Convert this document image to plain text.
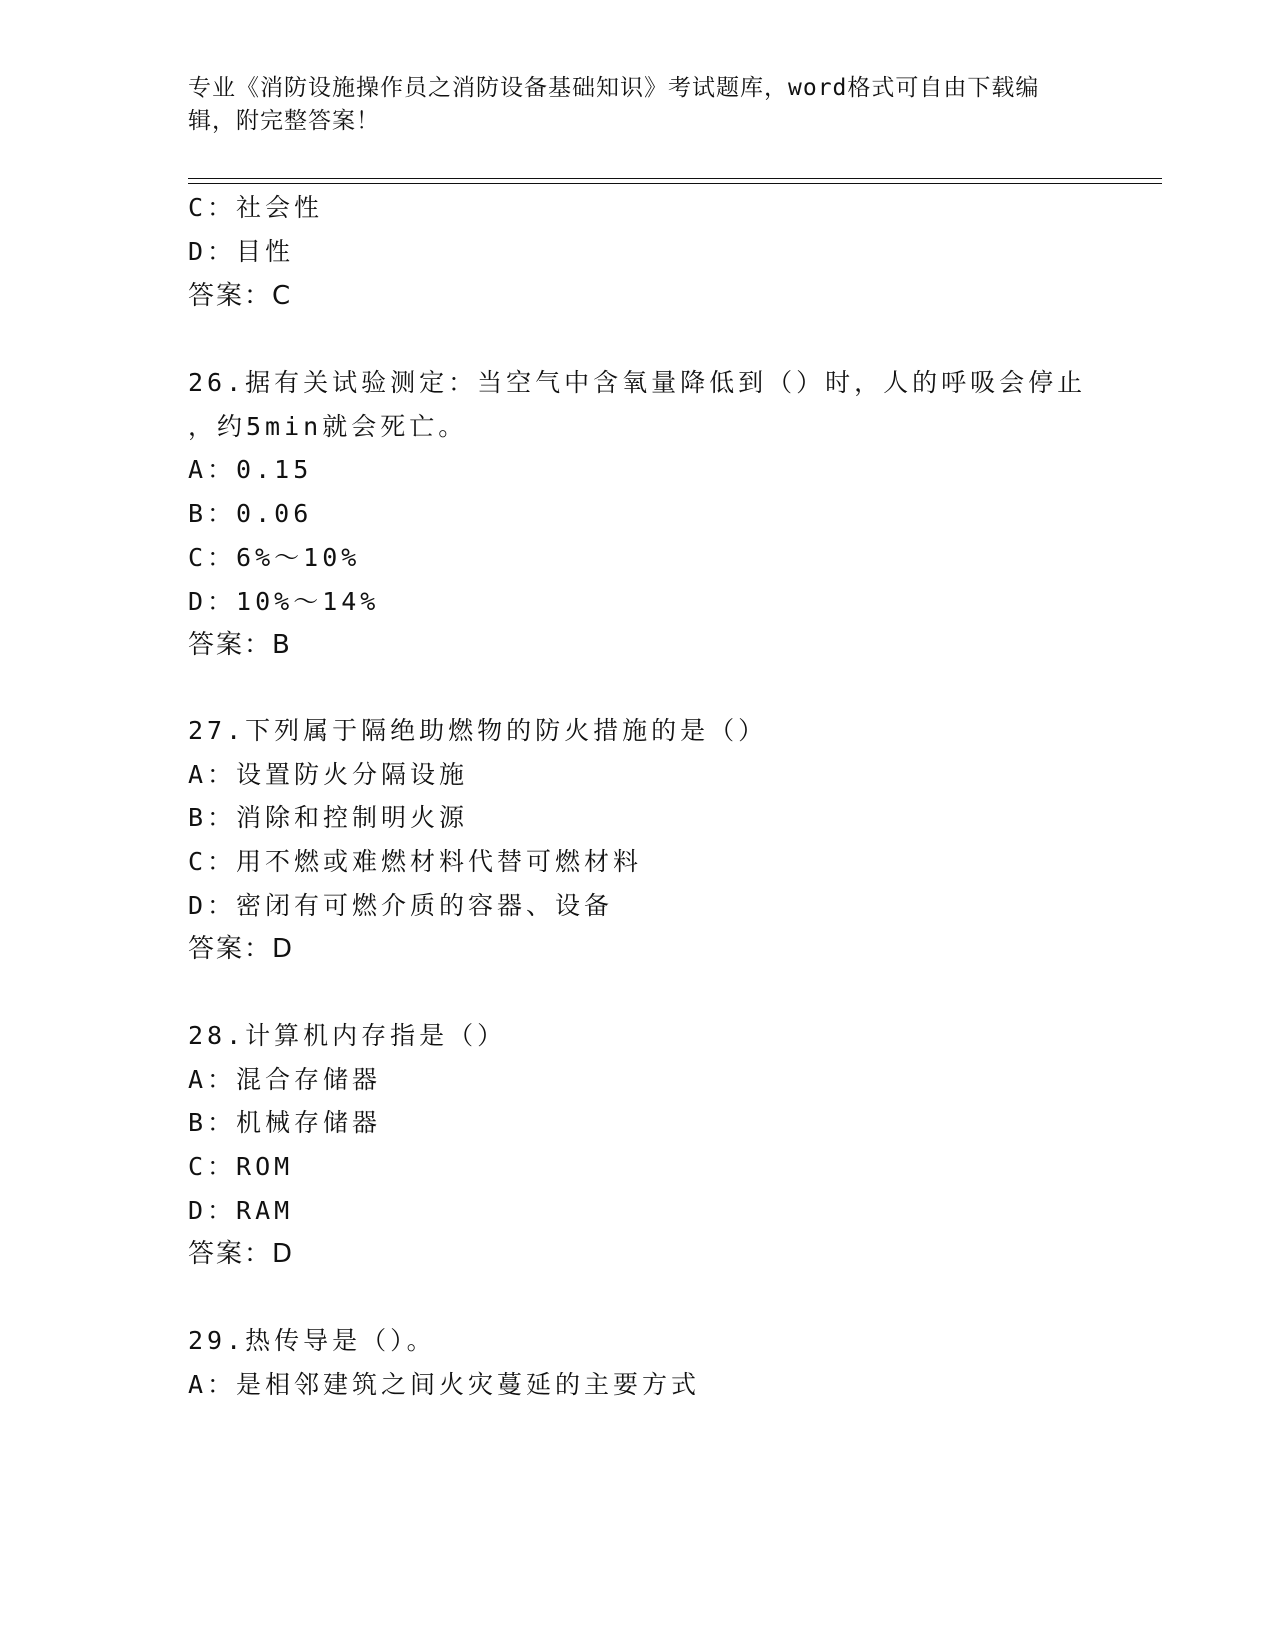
专业《消防设施操作员之消防设备基础知识》考试题库，word格式可自由下载编
辑，附完整答案！
C：社会性
D：目性
答案：C
26.据有关试验测定：当空气中含氧量降低到（）时，人的呼吸会停止
，约5min就会死亡。
A：0.15
B：0.06
C：6%～10%
D：10%～14%
答案：B
27.下列属于隔绝助燃物的防火措施的是（）
A：设置防火分隔设施
B：消除和控制明火源
C：用不燃或难燃材料代替可燃材料
D：密闭有可燃介质的容器、设备
答案：D
28.计算机内存指是（）
A：混合存储器
B：机械存储器
C：ROM
D：RAM
答案：D
29.热传导是（）。
A：是相邻建筑之间火灾蔓延的主要方式
